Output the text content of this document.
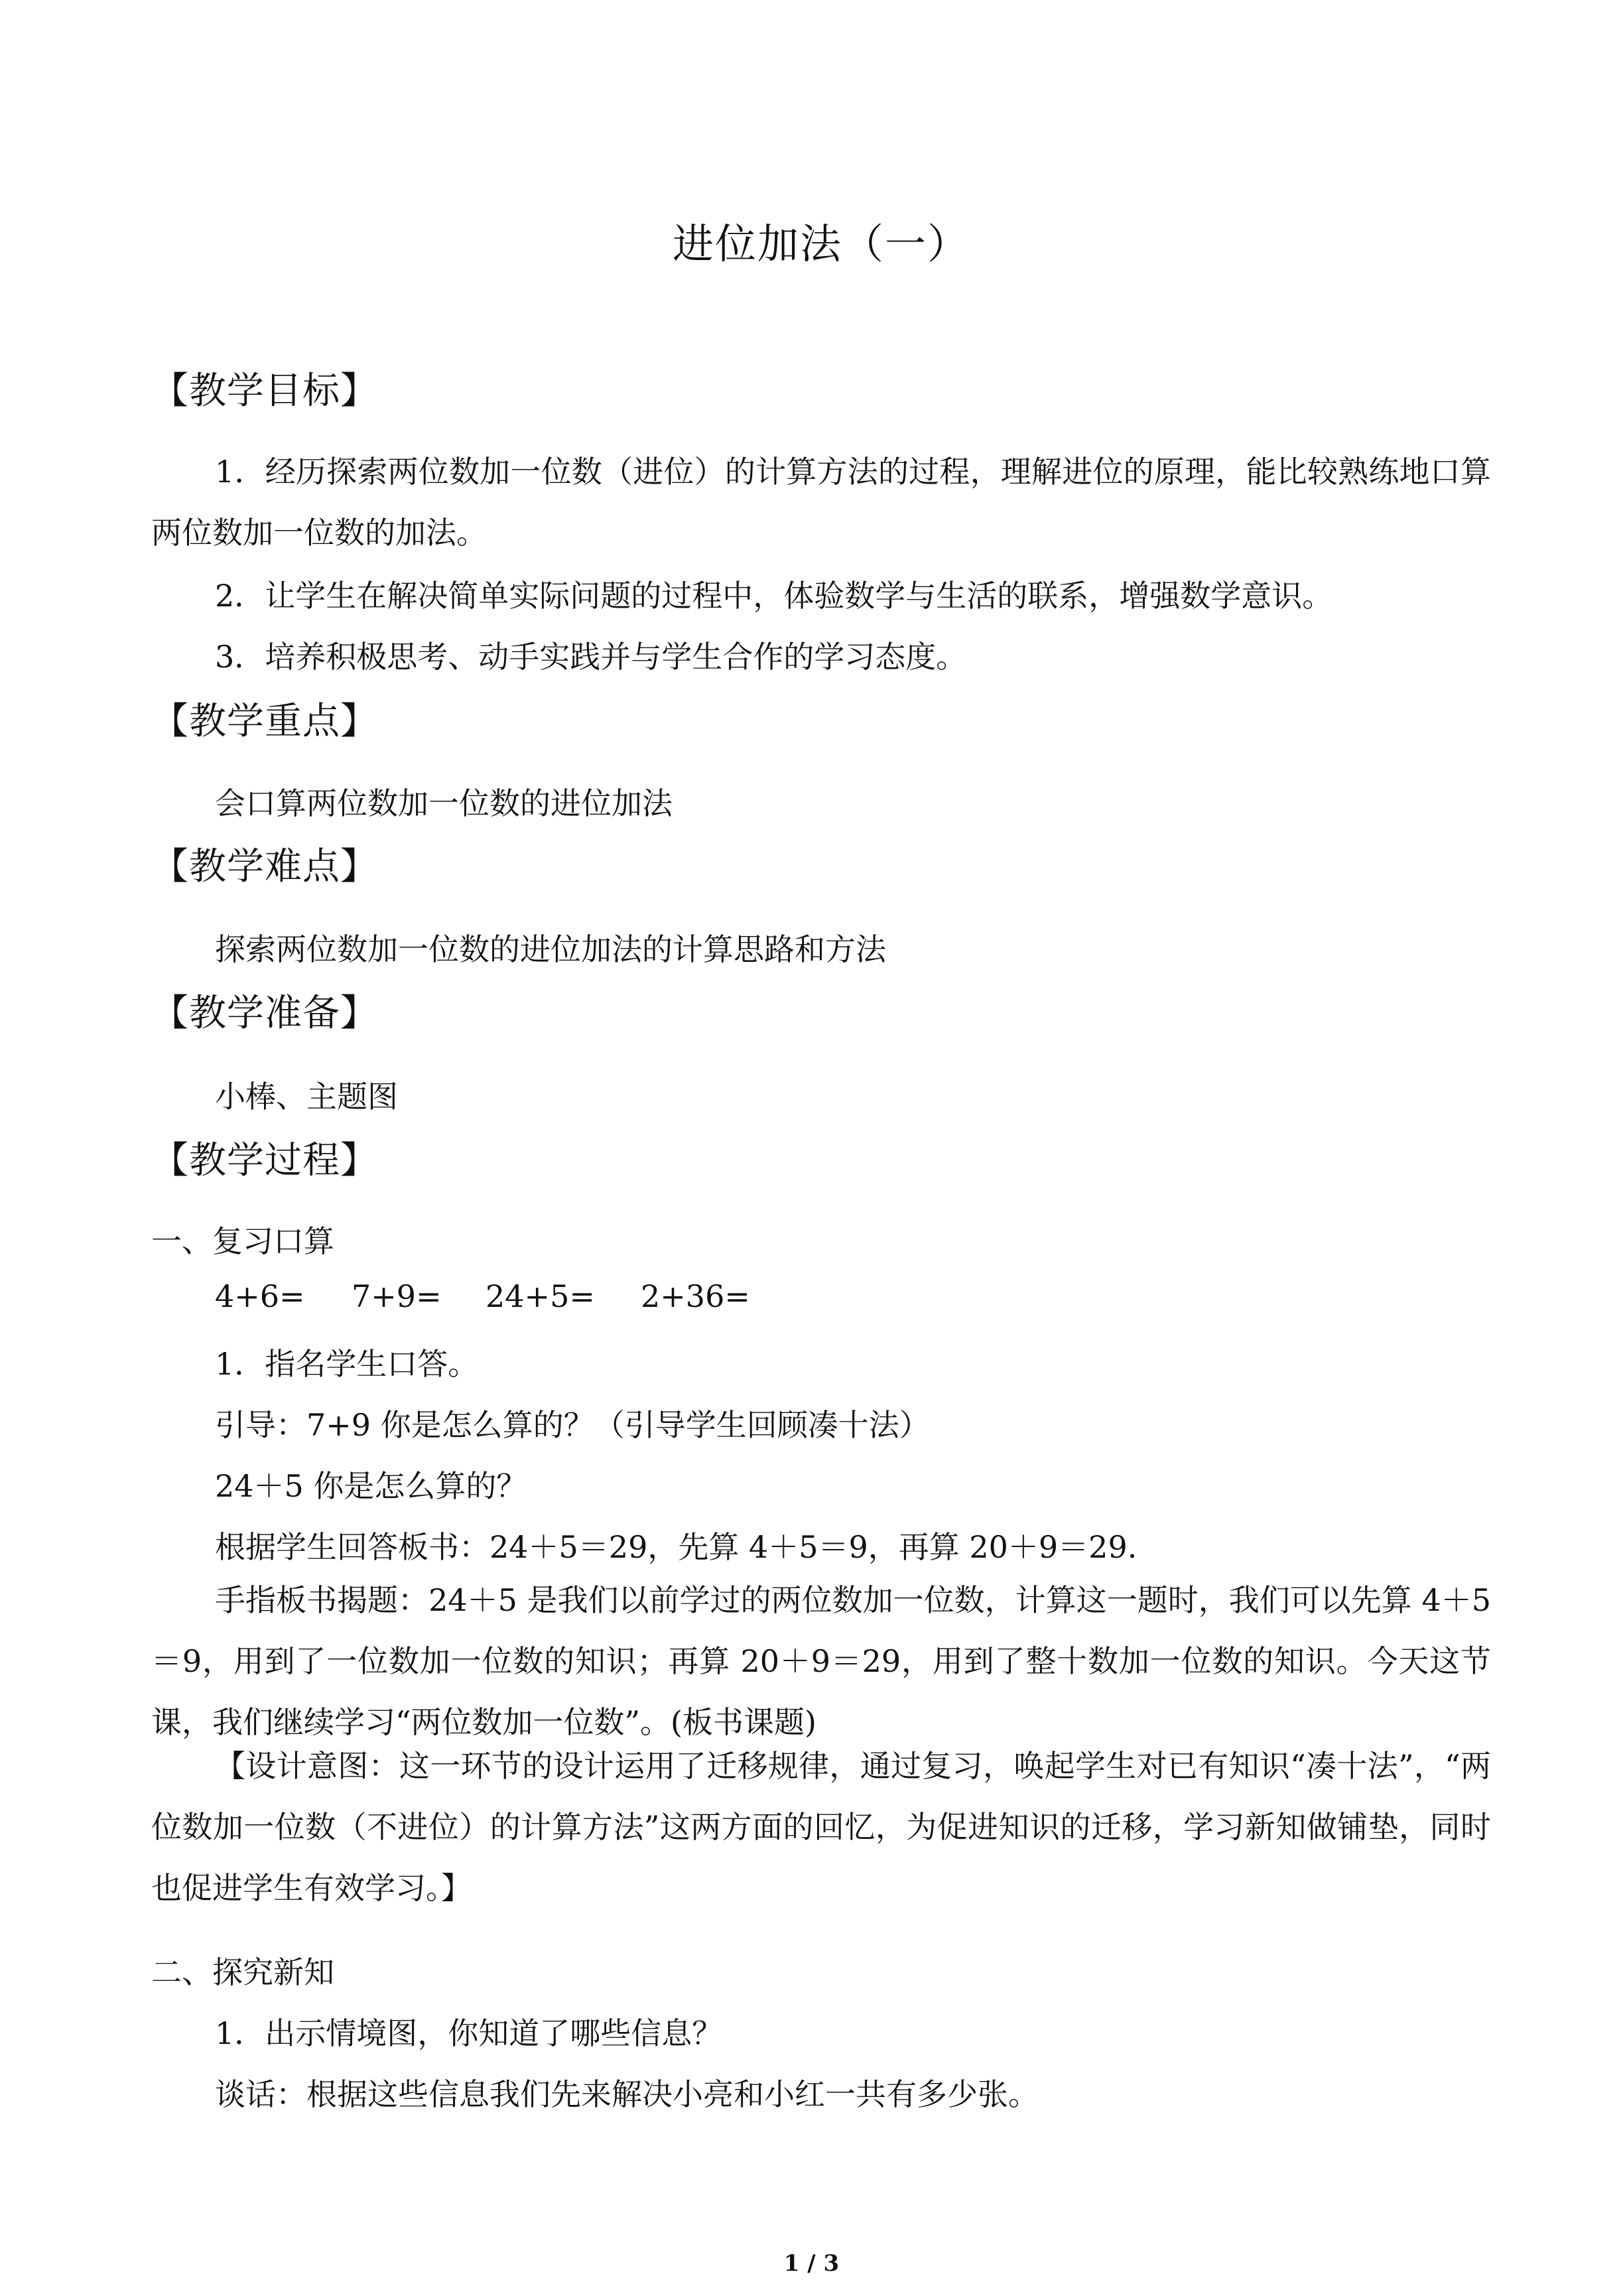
进位加法（一）
【教学目标】
1．经历探索两位数加一位数（进位）的计算方法的过程，理解进位的原理，能比较熟练地口算两位数加一位数的加法。
2．让学生在解决简单实际问题的过程中，体验数学与生活的联系，增强数学意识。
3．培养积极思考、动手实践并与学生合作的学习态度。
【教学重点】
会口算两位数加一位数的进位加法
【教学难点】
探索两位数加一位数的进位加法的计算思路和方法
【教学准备】
小棒、主题图
【教学过程】
一、复习口算
4+6= 7+9= 24+5= 2+36=
1．指名学生口答。
引导：7+9 你是怎么算的？（引导学生回顾凑十法）
24＋5 你是怎么算的？
根据学生回答板书：24＋5＝29，先算 4＋5＝9，再算 20＋9＝29.
手指板书揭题：24＋5 是我们以前学过的两位数加一位数，计算这一题时，我们可以先算 4＋5＝9，用到了一位数加一位数的知识；再算 20＋9＝29，用到了整十数加一位数的知识。今天这节课，我们继续学习“两位数加一位数”。(板书课题)
【设计意图：这一环节的设计运用了迁移规律，通过复习，唤起学生对已有知识“凑十法”，“两位数加一位数（不进位）的计算方法”这两方面的回忆，为促进知识的迁移，学习新知做铺垫，同时也促进学生有效学习。】
二、探究新知
1．出示情境图，你知道了哪些信息？
谈话：根据这些信息我们先来解决小亮和小红一共有多少张。
1 / 3
